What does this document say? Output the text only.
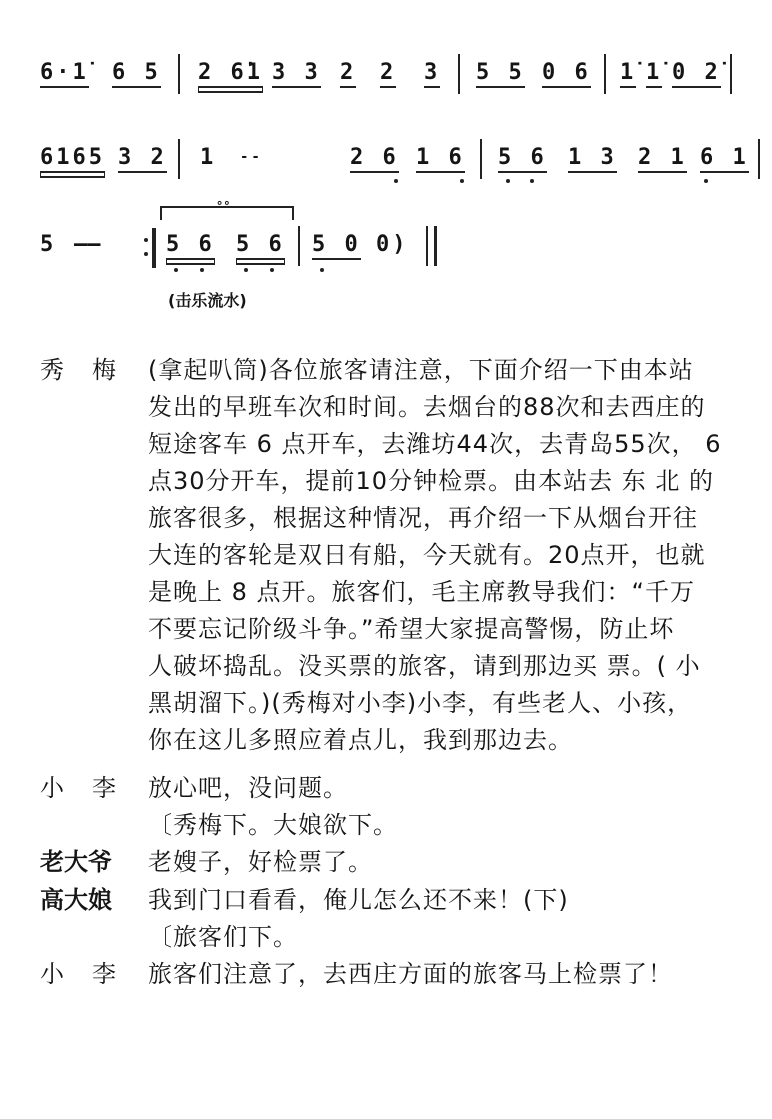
6·1̇ 6 5 2 6̇1 3 3 2 2 3 5 5 0 6 1̇ 1̇ 0 2̇
6165 3 2 1 --	2 6 1 6 5 6 1 3 2 1 6 1
5 ——
∘∘
5 6 5 6 5 0 0)
(击乐流水)
秀　梅	(拿起叭筒)各位旅客请注意，下面介绍一下由本站
发出的早班车次和时间。去烟台的88次和去西庄的
短途客车 6 点开车，去潍坊44次，去青岛55次， 6
点30分开车，提前10分钟检票。由本站去 东 北 的
旅客很多，根据这种情况，再介绍一下从烟台开往
大连的客轮是双日有船，今天就有。20点开，也就
是晚上 8 点开。旅客们，毛主席教导我们：“千万
不要忘记阶级斗争。”希望大家提高警惕，防止坏
人破坏捣乱。没买票的旅客，请到那边买 票。( 小
黑胡溜下。)(秀梅对小李)小李，有些老人、小孩，
你在这儿多照应着点儿，我到那边去。
小　李	放心吧，没问题。
〔秀梅下。大娘欲下。
老大爷	老嫂子，好检票了。
高大娘	我到门口看看，俺儿怎么还不来！(下)
〔旅客们下。
小　李	旅客们注意了，去西庄方面的旅客马上检票了！
